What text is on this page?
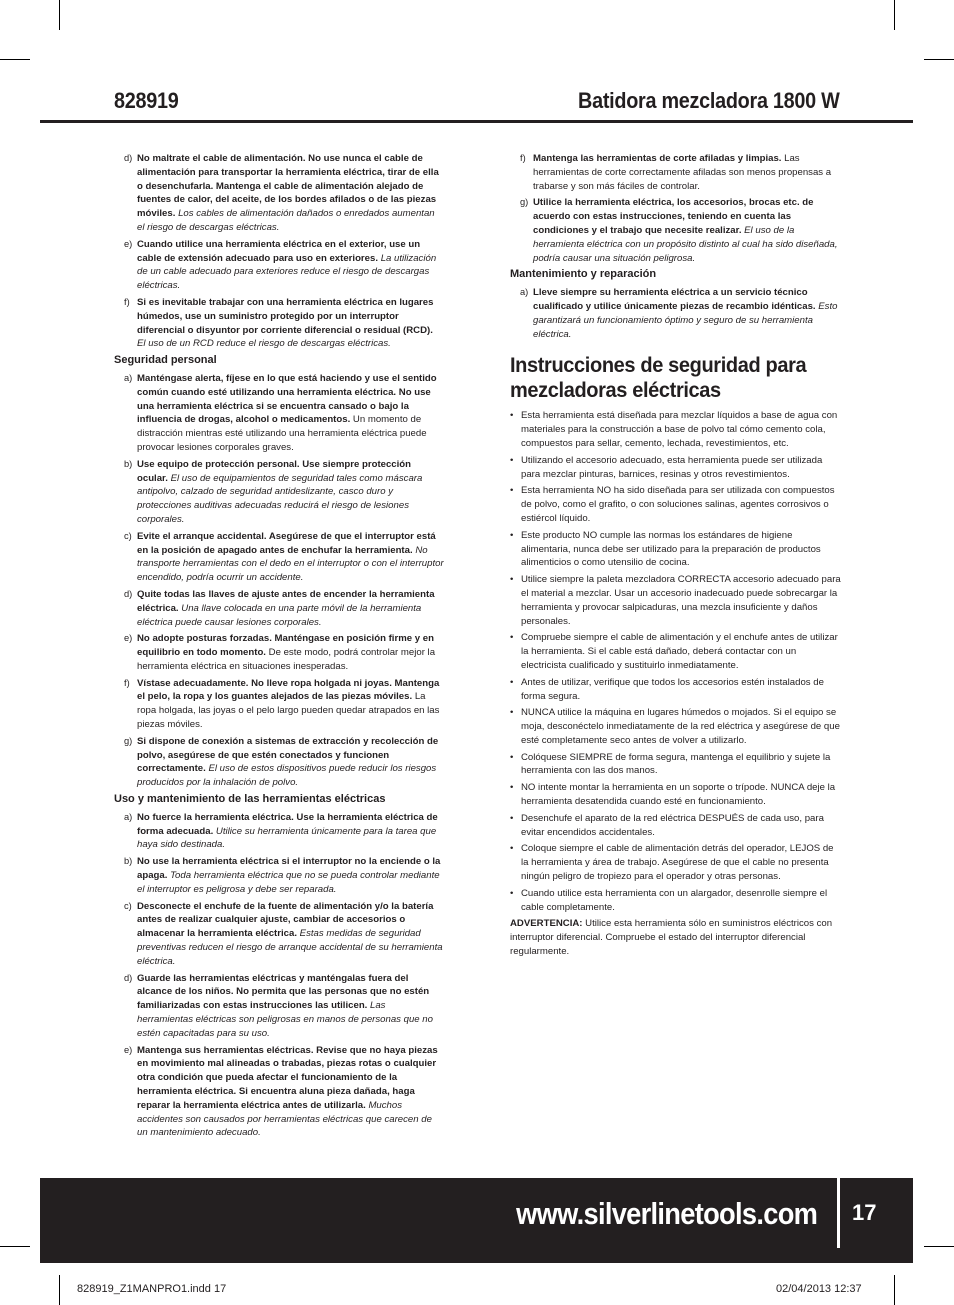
828919	Batidora mezcladora 1800 W
d) No maltrate el cable de alimentación. No use nunca el cable de alimentación para transportar la herramienta eléctrica, tirar de ella o desenchufarla. Mantenga el cable de alimentación alejado de fuentes de calor, del aceite, de los bordes afilados o de las piezas móviles. Los cables de alimentación dañados o enredados aumentan el riesgo de descargas eléctricas.
e) Cuando utilice una herramienta eléctrica en el exterior, use un cable de extensión adecuado para uso en exteriores. La utilización de un cable adecuado para exteriores reduce el riesgo de descargas eléctricas.
f) Si es inevitable trabajar con una herramienta eléctrica en lugares húmedos, use un suministro protegido por un interruptor diferencial o disyuntor por corriente diferencial o residual (RCD). El uso de un RCD reduce el riesgo de descargas eléctricas.
Seguridad personal
a) Manténgase alerta, fíjese en lo que está haciendo y use el sentido común cuando esté utilizando una herramienta eléctrica. No use una herramienta eléctrica si se encuentra cansado o bajo la influencia de drogas, alcohol o medicamentos. Un momento de distracción mientras esté utilizando una herramienta eléctrica puede provocar lesiones corporales graves.
b) Use equipo de protección personal. Use siempre protección ocular. El uso de equipamientos de seguridad tales como máscara antipolvo, calzado de seguridad antideslizante, casco duro y protecciones auditivas adecuadas reducirá el riesgo de lesiones corporales.
c) Evite el arranque accidental. Asegúrese de que el interruptor está en la posición de apagado antes de enchufar la herramienta. No transporte herramientas con el dedo en el interruptor o con el interruptor encendido, podría ocurrir un accidente.
d) Quite todas las llaves de ajuste antes de encender la herramienta eléctrica. Una llave colocada en una parte móvil de la herramienta eléctrica puede causar lesiones corporales.
e) No adopte posturas forzadas. Manténgase en posición firme y en equilibrio en todo momento. De este modo, podrá controlar mejor la herramienta eléctrica en situaciones inesperadas.
f) Vístase adecuadamente. No lleve ropa holgada ni joyas. Mantenga el pelo, la ropa y los guantes alejados de las piezas móviles. La ropa holgada, las joyas o el pelo largo pueden quedar atrapados en las piezas móviles.
g) Si dispone de conexión a sistemas de extracción y recolección de polvo, asegúrese de que estén conectados y funcionen correctamente. El uso de estos dispositivos puede reducir los riesgos producidos por la inhalación de polvo.
Uso y mantenimiento de las herramientas eléctricas
a) No fuerce la herramienta eléctrica. Use la herramienta eléctrica de forma adecuada. Utilice su herramienta únicamente para la tarea que haya sido destinada.
b) No use la herramienta eléctrica si el interruptor no la enciende o la apaga. Toda herramienta eléctrica que no se pueda controlar mediante el interruptor es peligrosa y debe ser reparada.
c) Desconecte el enchufe de la fuente de alimentación y/o la batería antes de realizar cualquier ajuste, cambiar de accesorios o almacenar la herramienta eléctrica. Estas medidas de seguridad preventivas reducen el riesgo de arranque accidental de su herramienta eléctrica.
d) Guarde las herramientas eléctricas y manténgalas fuera del alcance de los niños. No permita que las personas que no estén familiarizadas con estas instrucciones las utilicen. Las herramientas eléctricas son peligrosas en manos de personas que no estén capacitadas para su uso.
e) Mantenga sus herramientas eléctricas. Revise que no haya piezas en movimiento mal alineadas o trabadas, piezas rotas o cualquier otra condición que pueda afectar el funcionamiento de la herramienta eléctrica. Si encuentra aluna pieza dañada, haga reparar la herramienta eléctrica antes de utilizarla. Muchos accidentes son causados por herramientas eléctricas que carecen de un mantenimiento adecuado.
f) Mantenga las herramientas de corte afiladas y limpias. Las herramientas de corte correctamente afiladas son menos propensas a trabarse y son más fáciles de controlar.
g) Utilice la herramienta eléctrica, los accesorios, brocas etc. de acuerdo con estas instrucciones, teniendo en cuenta las condiciones y el trabajo que necesite realizar. El uso de la herramienta eléctrica con un propósito distinto al cual ha sido diseñada, podría causar una situación peligrosa.
Mantenimiento y reparación
a) Lleve siempre su herramienta eléctrica a un servicio técnico cualificado y utilice únicamente piezas de recambio idénticas. Esto garantizará un funcionamiento óptimo y seguro de su herramienta eléctrica.
Instrucciones de seguridad para
mezcladoras eléctricas
• Esta herramienta está diseñada para mezclar líquidos a base de agua con materiales para la construcción a base de polvo tal cómo cemento cola, compuestos para sellar, cemento, lechada, revestimientos, etc.
• Utilizando el accesorio adecuado, esta herramienta puede ser utilizada para mezclar pinturas, barnices, resinas y otros revestimientos.
• Esta herramienta NO ha sido diseñada para ser utilizada con compuestos de polvo, como el grafito, o con soluciones salinas, agentes corrosivos o estiércol líquido.
• Este producto NO cumple las normas los estándares de higiene alimentaria, nunca debe ser utilizado para la preparación de productos alimenticios o como utensilio de cocina.
• Utilice siempre la paleta mezcladora CORRECTA accesorio adecuado para el material a mezclar. Usar un accesorio inadecuado puede sobrecargar la herramienta y provocar salpicaduras, una mezcla insuficiente y daños personales.
• Compruebe siempre el cable de alimentación y el enchufe antes de utilizar la herramienta. Si el cable está dañado, deberá contactar con un electricista cualificado y sustituirlo inmediatamente.
• Antes de utilizar, verifique que todos los accesorios estén instalados de forma segura.
• NUNCA utilice la máquina en lugares húmedos o mojados. Si el equipo se moja, desconéctelo inmediatamente de la red eléctrica y asegúrese de que esté completamente seco antes de volver a utilizarlo.
• Colóquese SIEMPRE de forma segura, mantenga el equilibrio y sujete la herramienta con las dos manos.
• NO intente montar la herramienta en un soporte o trípode. NUNCA deje la herramienta desatendida cuando esté en funcionamiento.
• Desenchufe el aparato de la red eléctrica DESPUÉS de cada uso, para evitar encendidos accidentales.
• Coloque siempre el cable de alimentación detrás del operador, LEJOS de la herramienta y área de trabajo. Asegúrese de que el cable no presenta ningún peligro de tropiezo para el operador y otras personas.
• Cuando utilice esta herramienta con un alargador, desenrolle siempre el cable completamente.
ADVERTENCIA: Utilice esta herramienta sólo en suministros eléctricos con interruptor diferencial. Compruebe el estado del interruptor diferencial regularmente.
www.silverlinetools.com 17
828919_Z1MANPRO1.indd 17	02/04/2013 12:37
